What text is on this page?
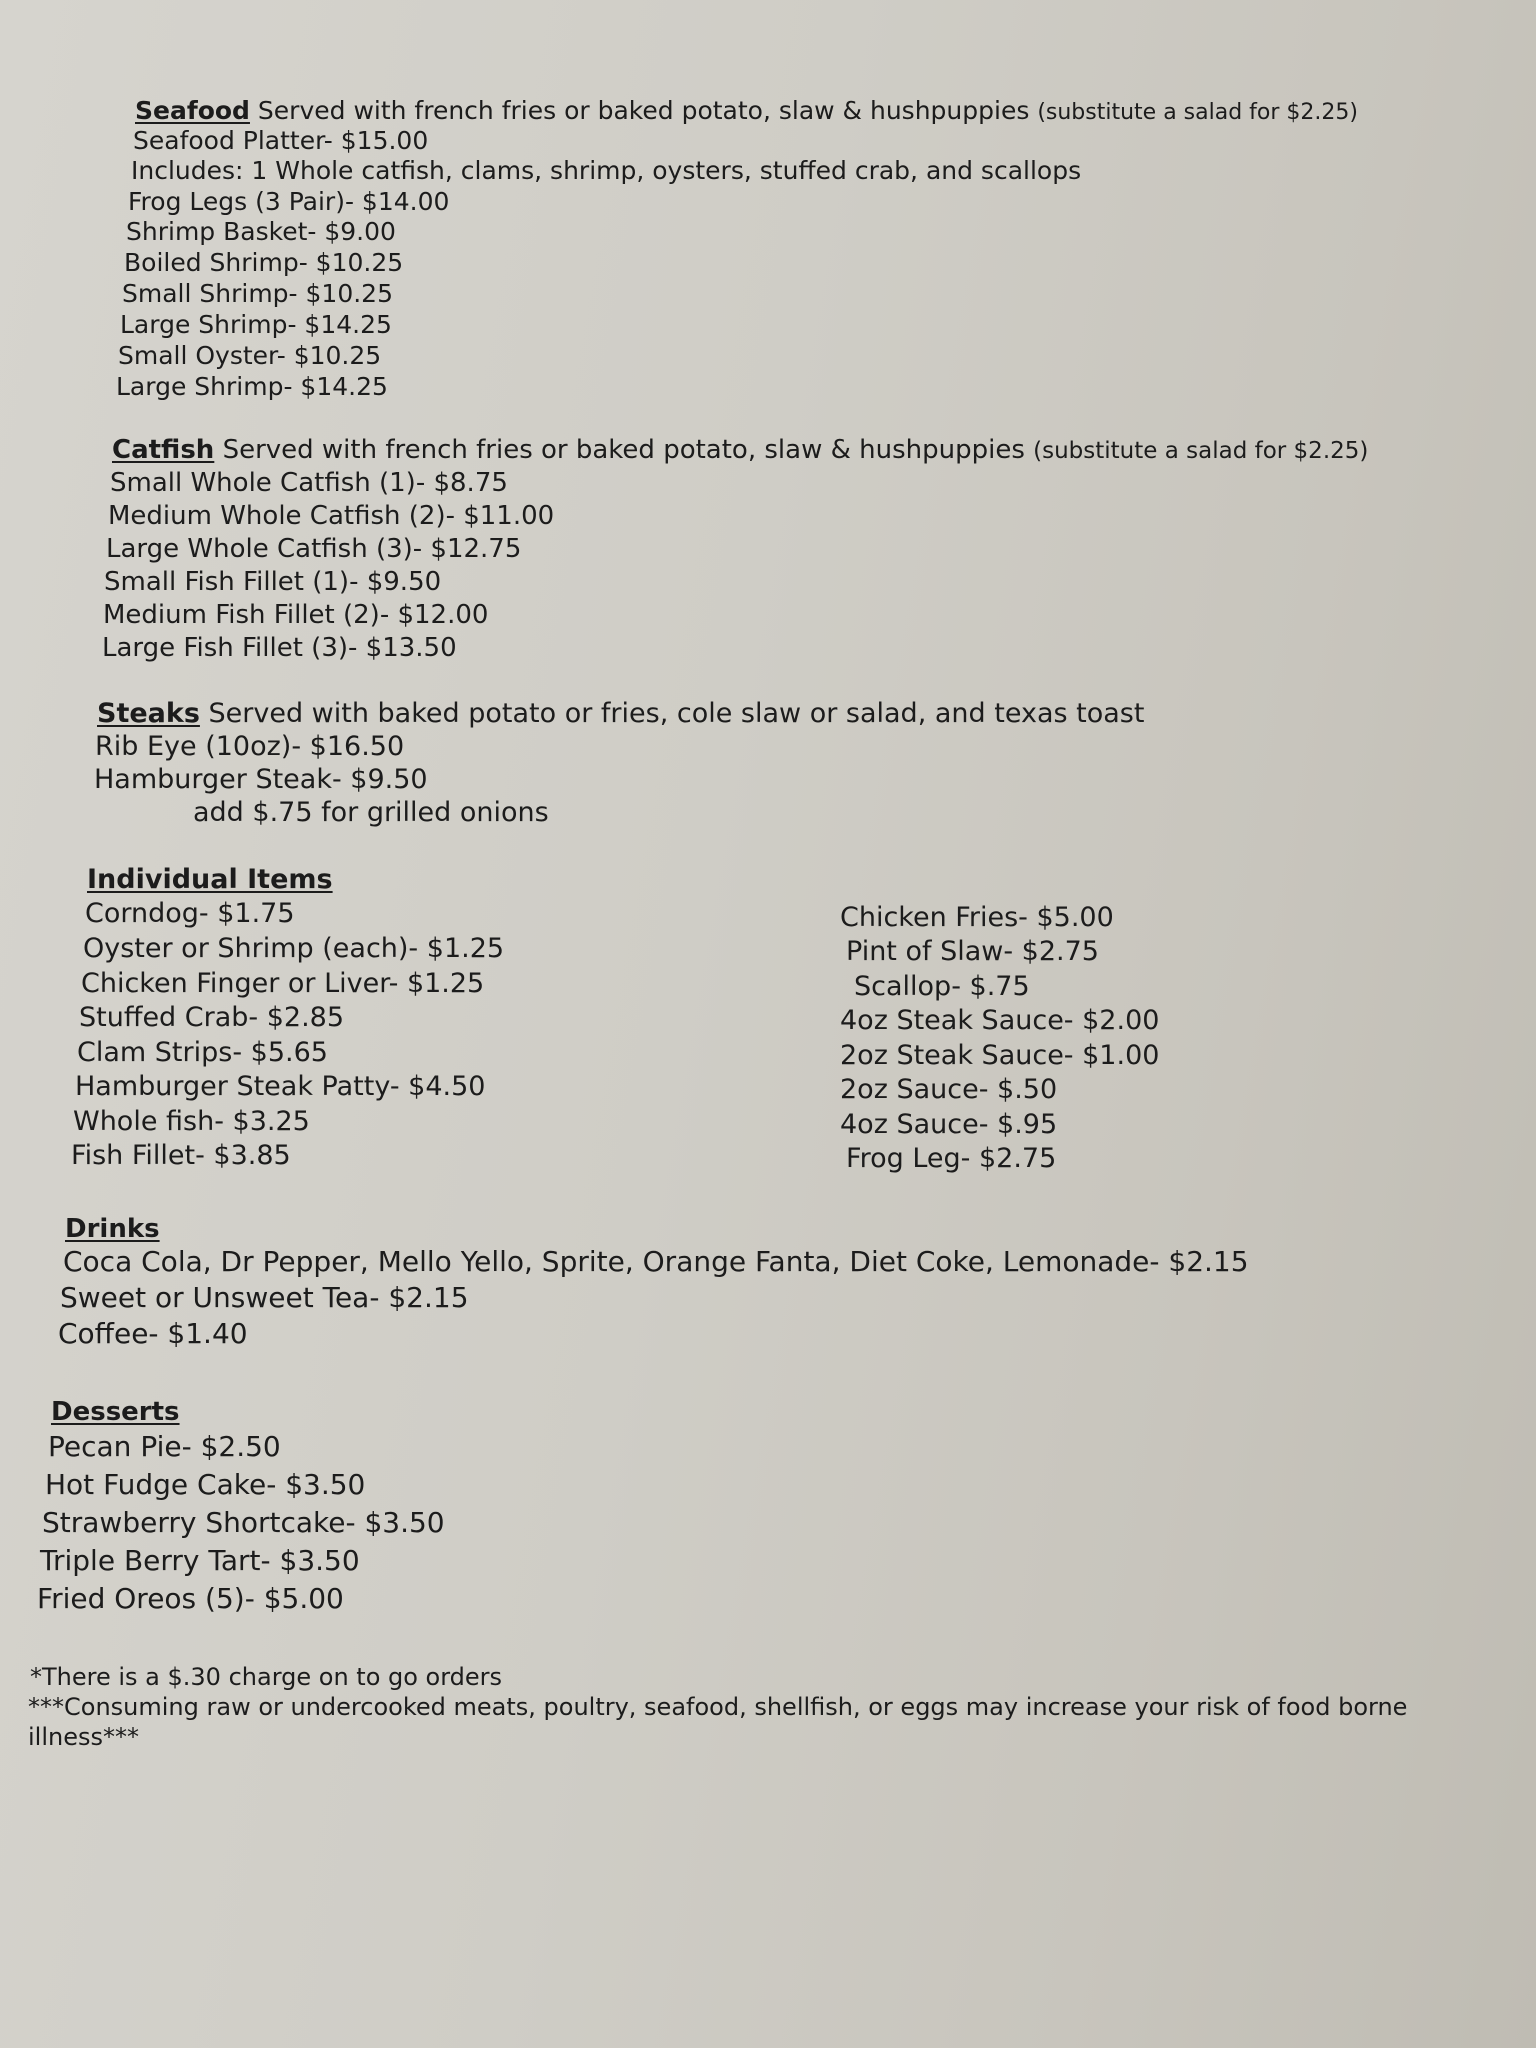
Seafood Served with french fries or baked potato, slaw & hushpuppies (substitute a salad for $2.25)
Seafood Platter- $15.00
Includes: 1 Whole catfish, clams, shrimp, oysters, stuffed crab, and scallops
Frog Legs (3 Pair)- $14.00
Shrimp Basket- $9.00
Boiled Shrimp- $10.25
Small Shrimp- $10.25
Large Shrimp- $14.25
Small Oyster- $10.25
Large Shrimp- $14.25
Catfish Served with french fries or baked potato, slaw & hushpuppies (substitute a salad for $2.25)
Small Whole Catfish (1)- $8.75
Medium Whole Catfish (2)- $11.00
Large Whole Catfish (3)- $12.75
Small Fish Fillet (1)- $9.50
Medium Fish Fillet (2)- $12.00
Large Fish Fillet (3)- $13.50
Steaks Served with baked potato or fries, cole slaw or salad, and texas toast
Rib Eye (10oz)- $16.50
Hamburger Steak- $9.50
add $.75 for grilled onions
Individual Items
Corndog- $1.75
Oyster or Shrimp (each)- $1.25
Chicken Finger or Liver- $1.25
Stuffed Crab- $2.85
Clam Strips- $5.65
Hamburger Steak Patty- $4.50
Whole fish- $3.25
Fish Fillet- $3.85
Chicken Fries- $5.00
Pint of Slaw- $2.75
Scallop- $.75
4oz Steak Sauce- $2.00
2oz Steak Sauce- $1.00
2oz Sauce- $.50
4oz Sauce- $.95
Frog Leg- $2.75
Drinks
Coca Cola, Dr Pepper, Mello Yello, Sprite, Orange Fanta, Diet Coke, Lemonade- $2.15
Sweet or Unsweet Tea- $2.15
Coffee- $1.40
Desserts
Pecan Pie- $2.50
Hot Fudge Cake- $3.50
Strawberry Shortcake- $3.50
Triple Berry Tart- $3.50
Fried Oreos (5)- $5.00
*There is a $.30 charge on to go orders
***Consuming raw or undercooked meats, poultry, seafood, shellfish, or eggs may increase your risk of food borne illness***
